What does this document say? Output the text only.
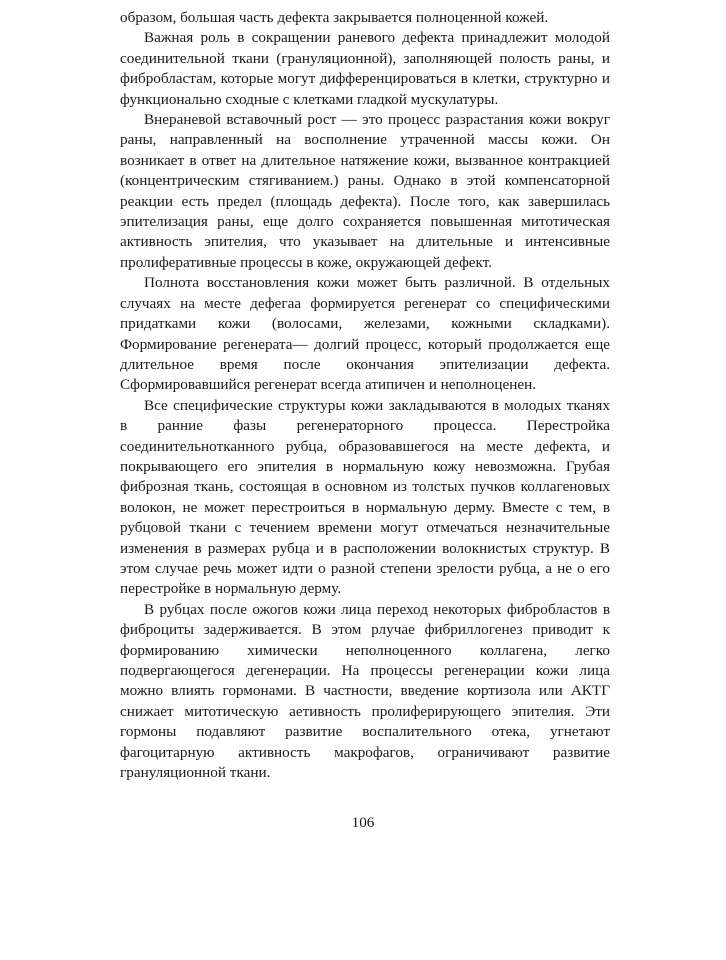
образом, большая часть дефекта закрывается полноценной кожей.

Важная роль в сокращении раневого дефекта принадлежит молодой соединительной ткани (грануляционной), заполняющей полость раны, и фибробластам, которые могут дифференцироваться в клетки, структурно и функционально сходные с клетками гладкой мускулатуры.

Внераневой вставочный рост — это процесс разрастания кожи вокруг раны, направленный на восполнение утраченной массы кожи. Он возникает в ответ на длительное натяжение кожи, вызванное контракцией (концентрическим стягиванием.) раны. Однако в этой компенсаторной реакции есть предел (площадь дефекта). После того, как завершилась эпителизация раны, еще долго сохраняется повышенная митотическая активность эпителия, что указывает на длительные и интенсивные пролиферативные процессы в коже, окружающей дефект.

Полнота восстановления кожи может быть различной. В отдельных случаях на месте дефегаа формируется регенерат со специфическими придатками кожи (волосами, железами, кожными складками). Формирование регенерата— долгий процесс, который продолжается еще длительное время после окончания эпителизации дефекта. Сформировавшийся регенерат всегда атипичен и неполноценен.

Все специфические структуры кожи закладываются в молодых тканях в ранние фазы регенераторного процесса. Перестройка соединительнотканного рубца, образовавшегося на месте дефекта, и покрывающего его эпителия в нормальную кожу невозможна. Грубая фиброзная ткань, состоящая в основном из толстых пучков коллагеновых волокон, не может перестроиться в нормальную дерму. Вместе с тем, в рубцовой ткани с течением времени могут отмечаться незначительные изменения в размерах рубца и в расположении волокнистых структур. В этом случае речь может идти о разной степени зрелости рубца, а не о его перестройке в нормальную дерму.

В рубцах после ожогов кожи лица переход некоторых фибробластов в фиброциты задерживается. В этом рлучае фибриллогенез приводит к формированию химически неполноценного коллагена, легко подвергающегося дегенерации. На процессы регенерации кожи лица можно влиять гормонами. В частности, введение кортизола или АКТГ снижает митотическую аетивность пролиферирующего эпителия. Эти гормоны подавляют развитие воспалительного отека, угнетают фагоцитарную активность макрофагов, ограничивают развитие грануляционной ткани.

106
